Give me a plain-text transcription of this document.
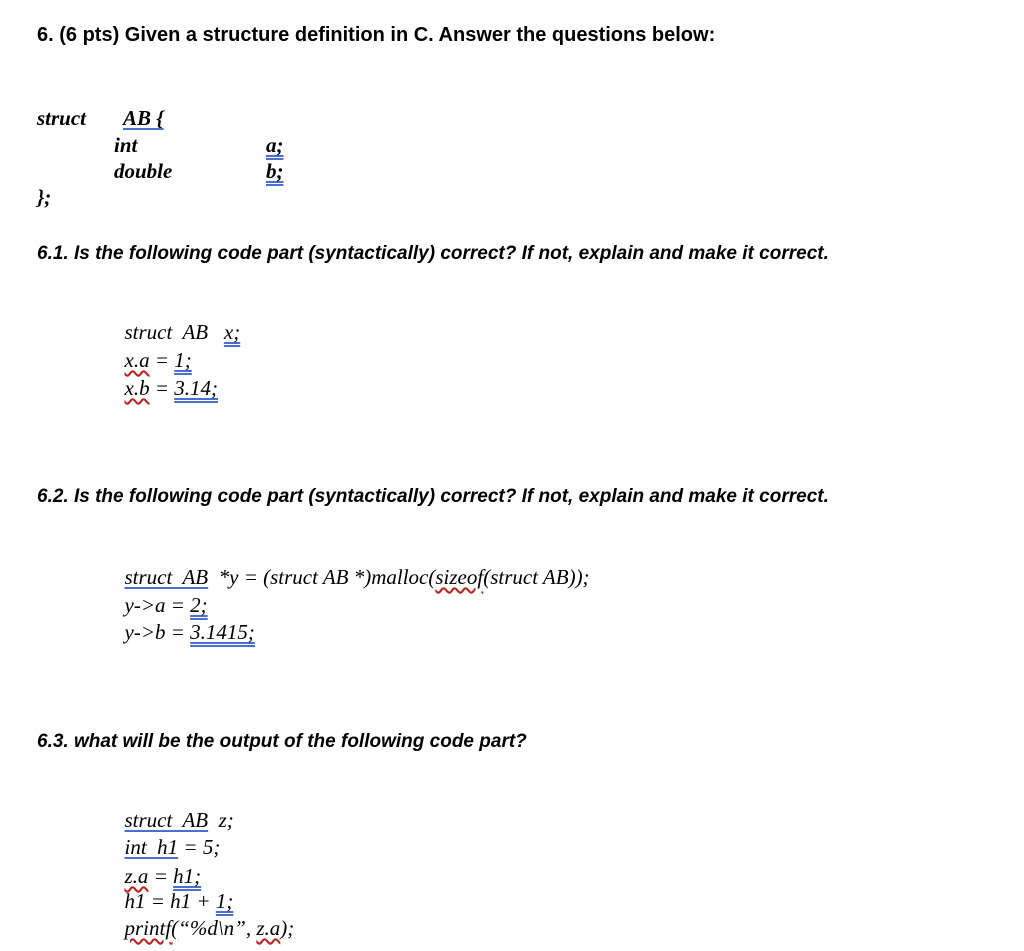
6. (6 pts) Given a structure definition in C. Answer the questions below:
struct AB {
int	a;
double	b;
};
6.1. Is the following code part (syntactically) correct? If not, explain and make it correct.

struct  AB x;

x.a = 1;

x.b = 3.14;

6.2. Is the following code part (syntactically) correct? If not, explain and make it correct.

struct  AB  *y = (struct AB *)malloc(sizeof(struct AB));

y->a = 2;

y->b = 3.1415;

6.3. what will be the output of the following code part?

struct  AB  z;

int  h1 = 5;

z.a = h1;

h1 = h1 + 1;

printf(“%d\n”, z.a);
